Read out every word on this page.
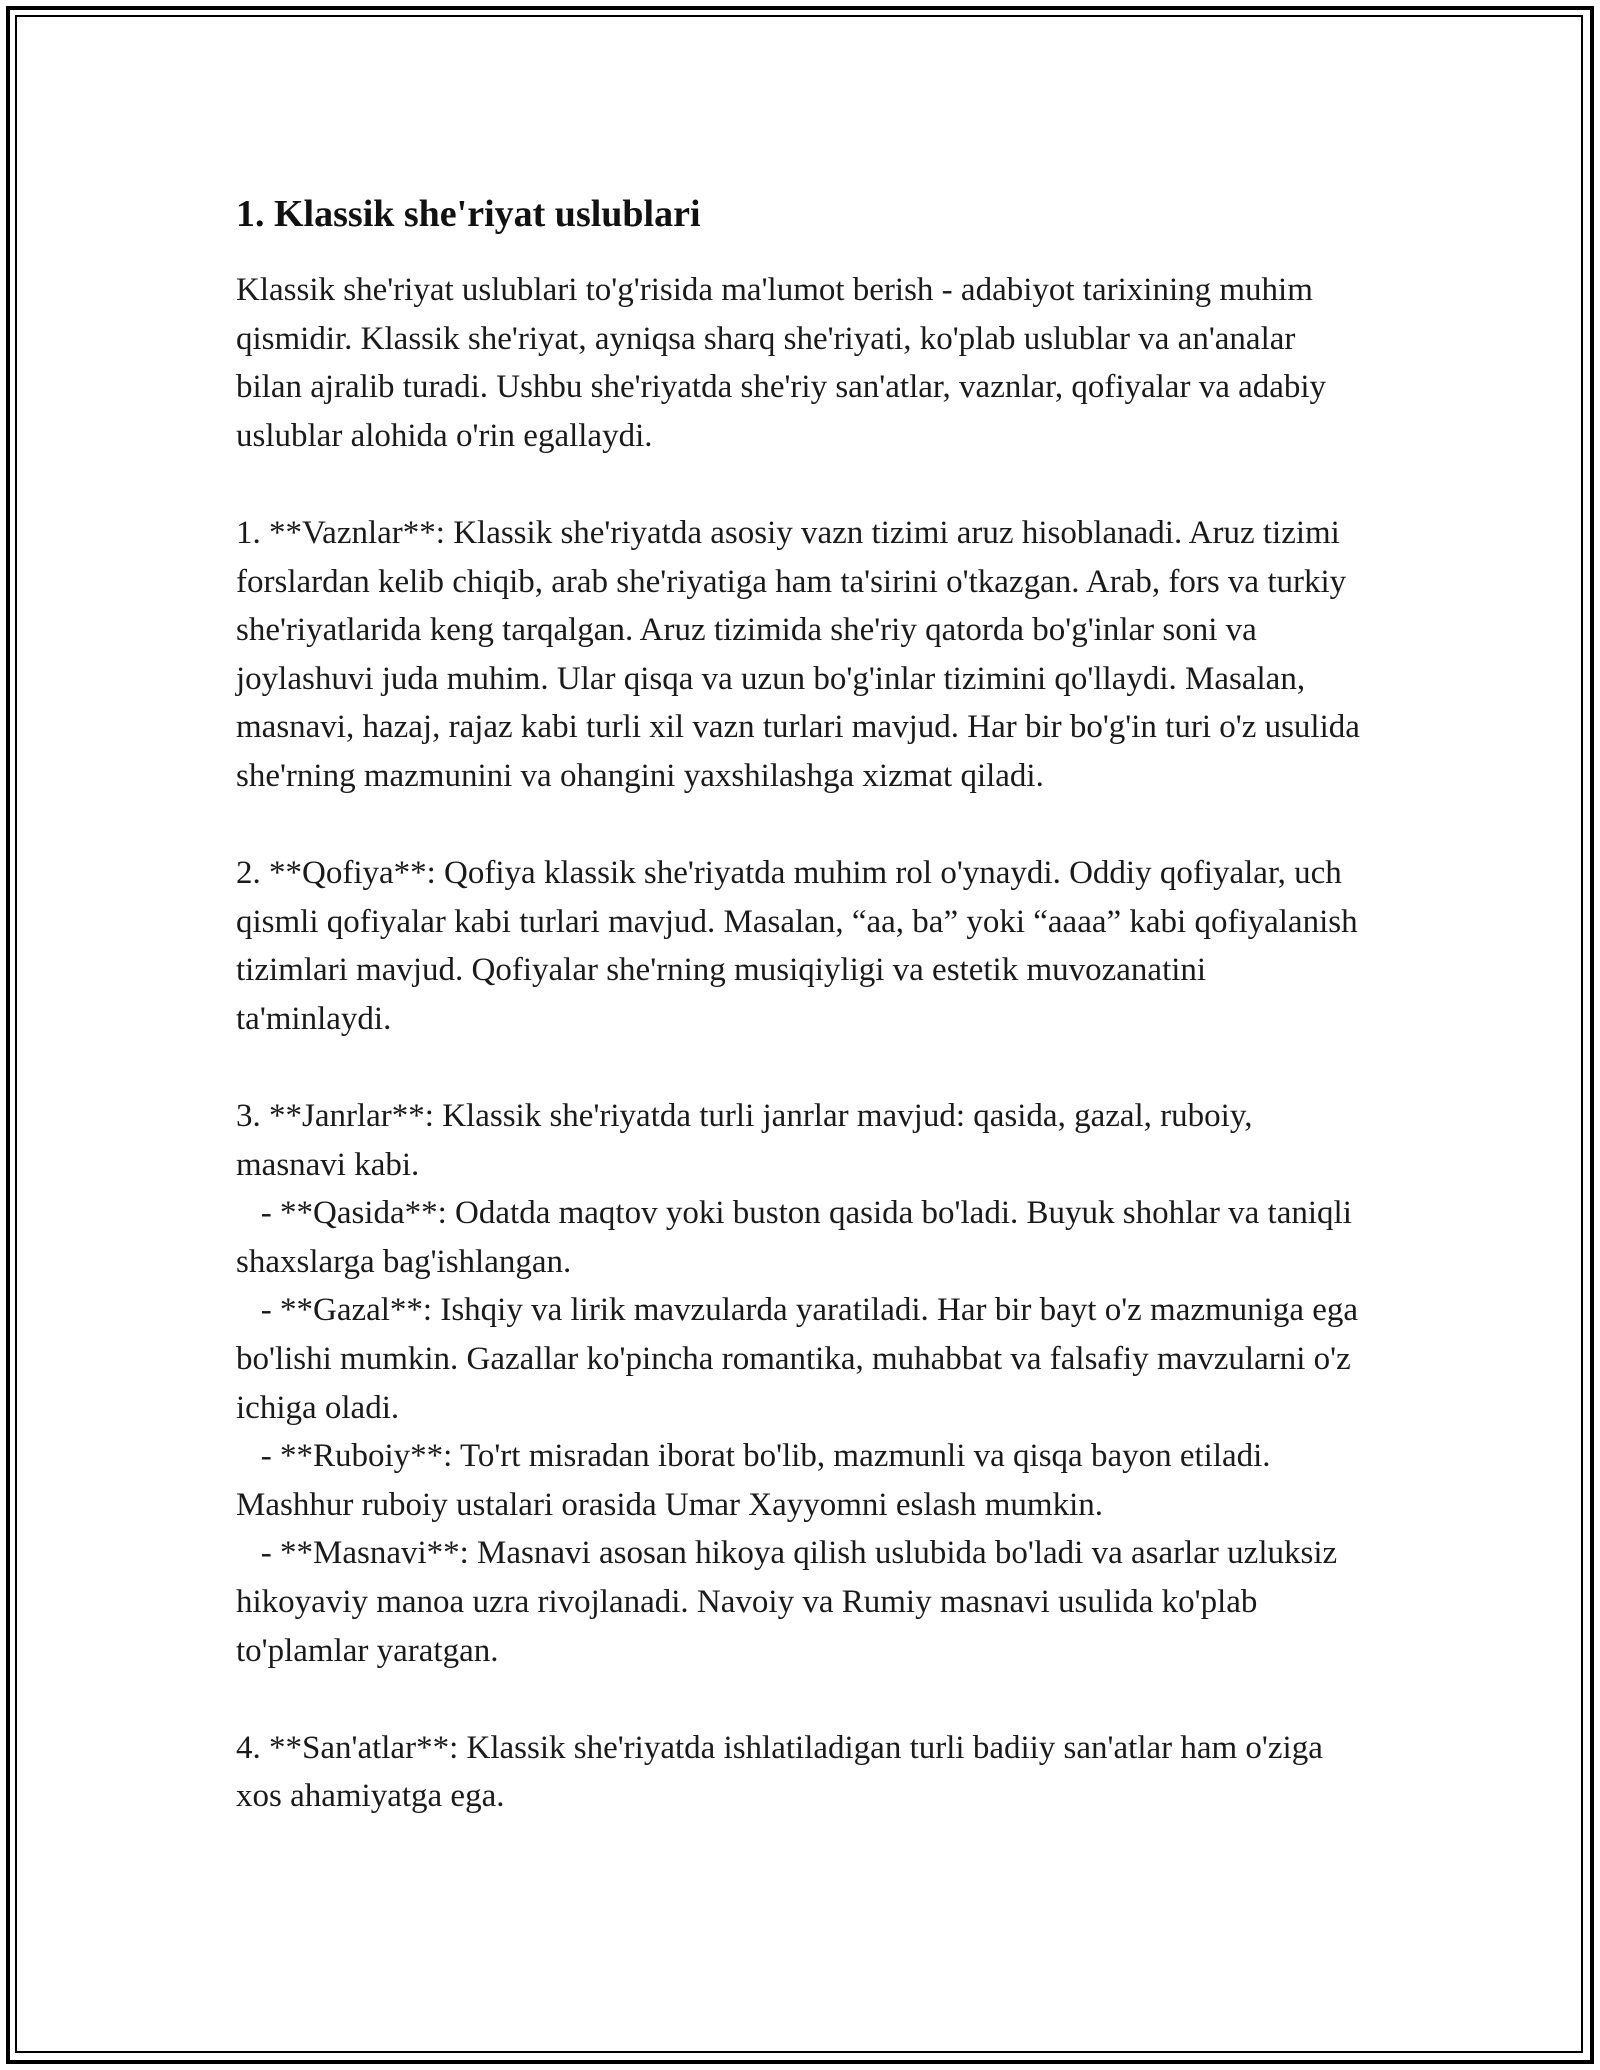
1. Klassik she'riyat uslublari

Klassik she'riyat uslublari to'g'risida ma'lumot berish - adabiyot tarixining muhim qismidir. Klassik she'riyat, ayniqsa sharq she'riyati, ko'plab uslublar va an'analar bilan ajralib turadi. Ushbu she'riyatda she'riy san'atlar, vaznlar, qofiyalar va adabiy uslublar alohida o'rin egallaydi.

1. **Vaznlar**: Klassik she'riyatda asosiy vazn tizimi aruz hisoblanadi. Aruz tizimi forslardan kelib chiqib, arab she'riyatiga ham ta'sirini o'tkazgan. Arab, fors va turkiy she'riyatlarida keng tarqalgan. Aruz tizimida she'riy qatorda bo'g'inlar soni va joylashuvi juda muhim. Ular qisqa va uzun bo'g'inlar tizimini qo'llaydi. Masalan, masnavi, hazaj, rajaz kabi turli xil vazn turlari mavjud. Har bir bo'g'in turi o'z usulida she'rning mazmunini va ohangini yaxshilashga xizmat qiladi.

2. **Qofiya**: Qofiya klassik she'riyatda muhim rol o'ynaydi. Oddiy qofiyalar, uch qismli qofiyalar kabi turlari mavjud. Masalan, “aa, ba” yoki “aaaa” kabi qofiyalanish tizimlari mavjud. Qofiyalar she'rning musiqiyligi va estetik muvozanatini ta'minlaydi.

3. **Janrlar**: Klassik she'riyatda turli janrlar mavjud: qasida, gazal, ruboiy, masnavi kabi.

- **Qasida**: Odatda maqtov yoki buston qasida bo'ladi. Buyuk shohlar va taniqli shaxslarga bag'ishlangan.

- **Gazal**: Ishqiy va lirik mavzularda yaratiladi. Har bir bayt o'z mazmuniga ega bo'lishi mumkin. Gazallar ko'pincha romantika, muhabbat va falsafiy mavzularni o'z ichiga oladi.

- **Ruboiy**: To'rt misradan iborat bo'lib, mazmunli va qisqa bayon etiladi. Mashhur ruboiy ustalari orasida Umar Xayyomni eslash mumkin.

- **Masnavi**: Masnavi asosan hikoya qilish uslubida bo'ladi va asarlar uzluksiz hikoyaviy manoa uzra rivojlanadi. Navoiy va Rumiy masnavi usulida ko'plab to'plamlar yaratgan.

4. **San'atlar**: Klassik she'riyatda ishlatiladigan turli badiiy san'atlar ham o'ziga xos ahamiyatga ega.
